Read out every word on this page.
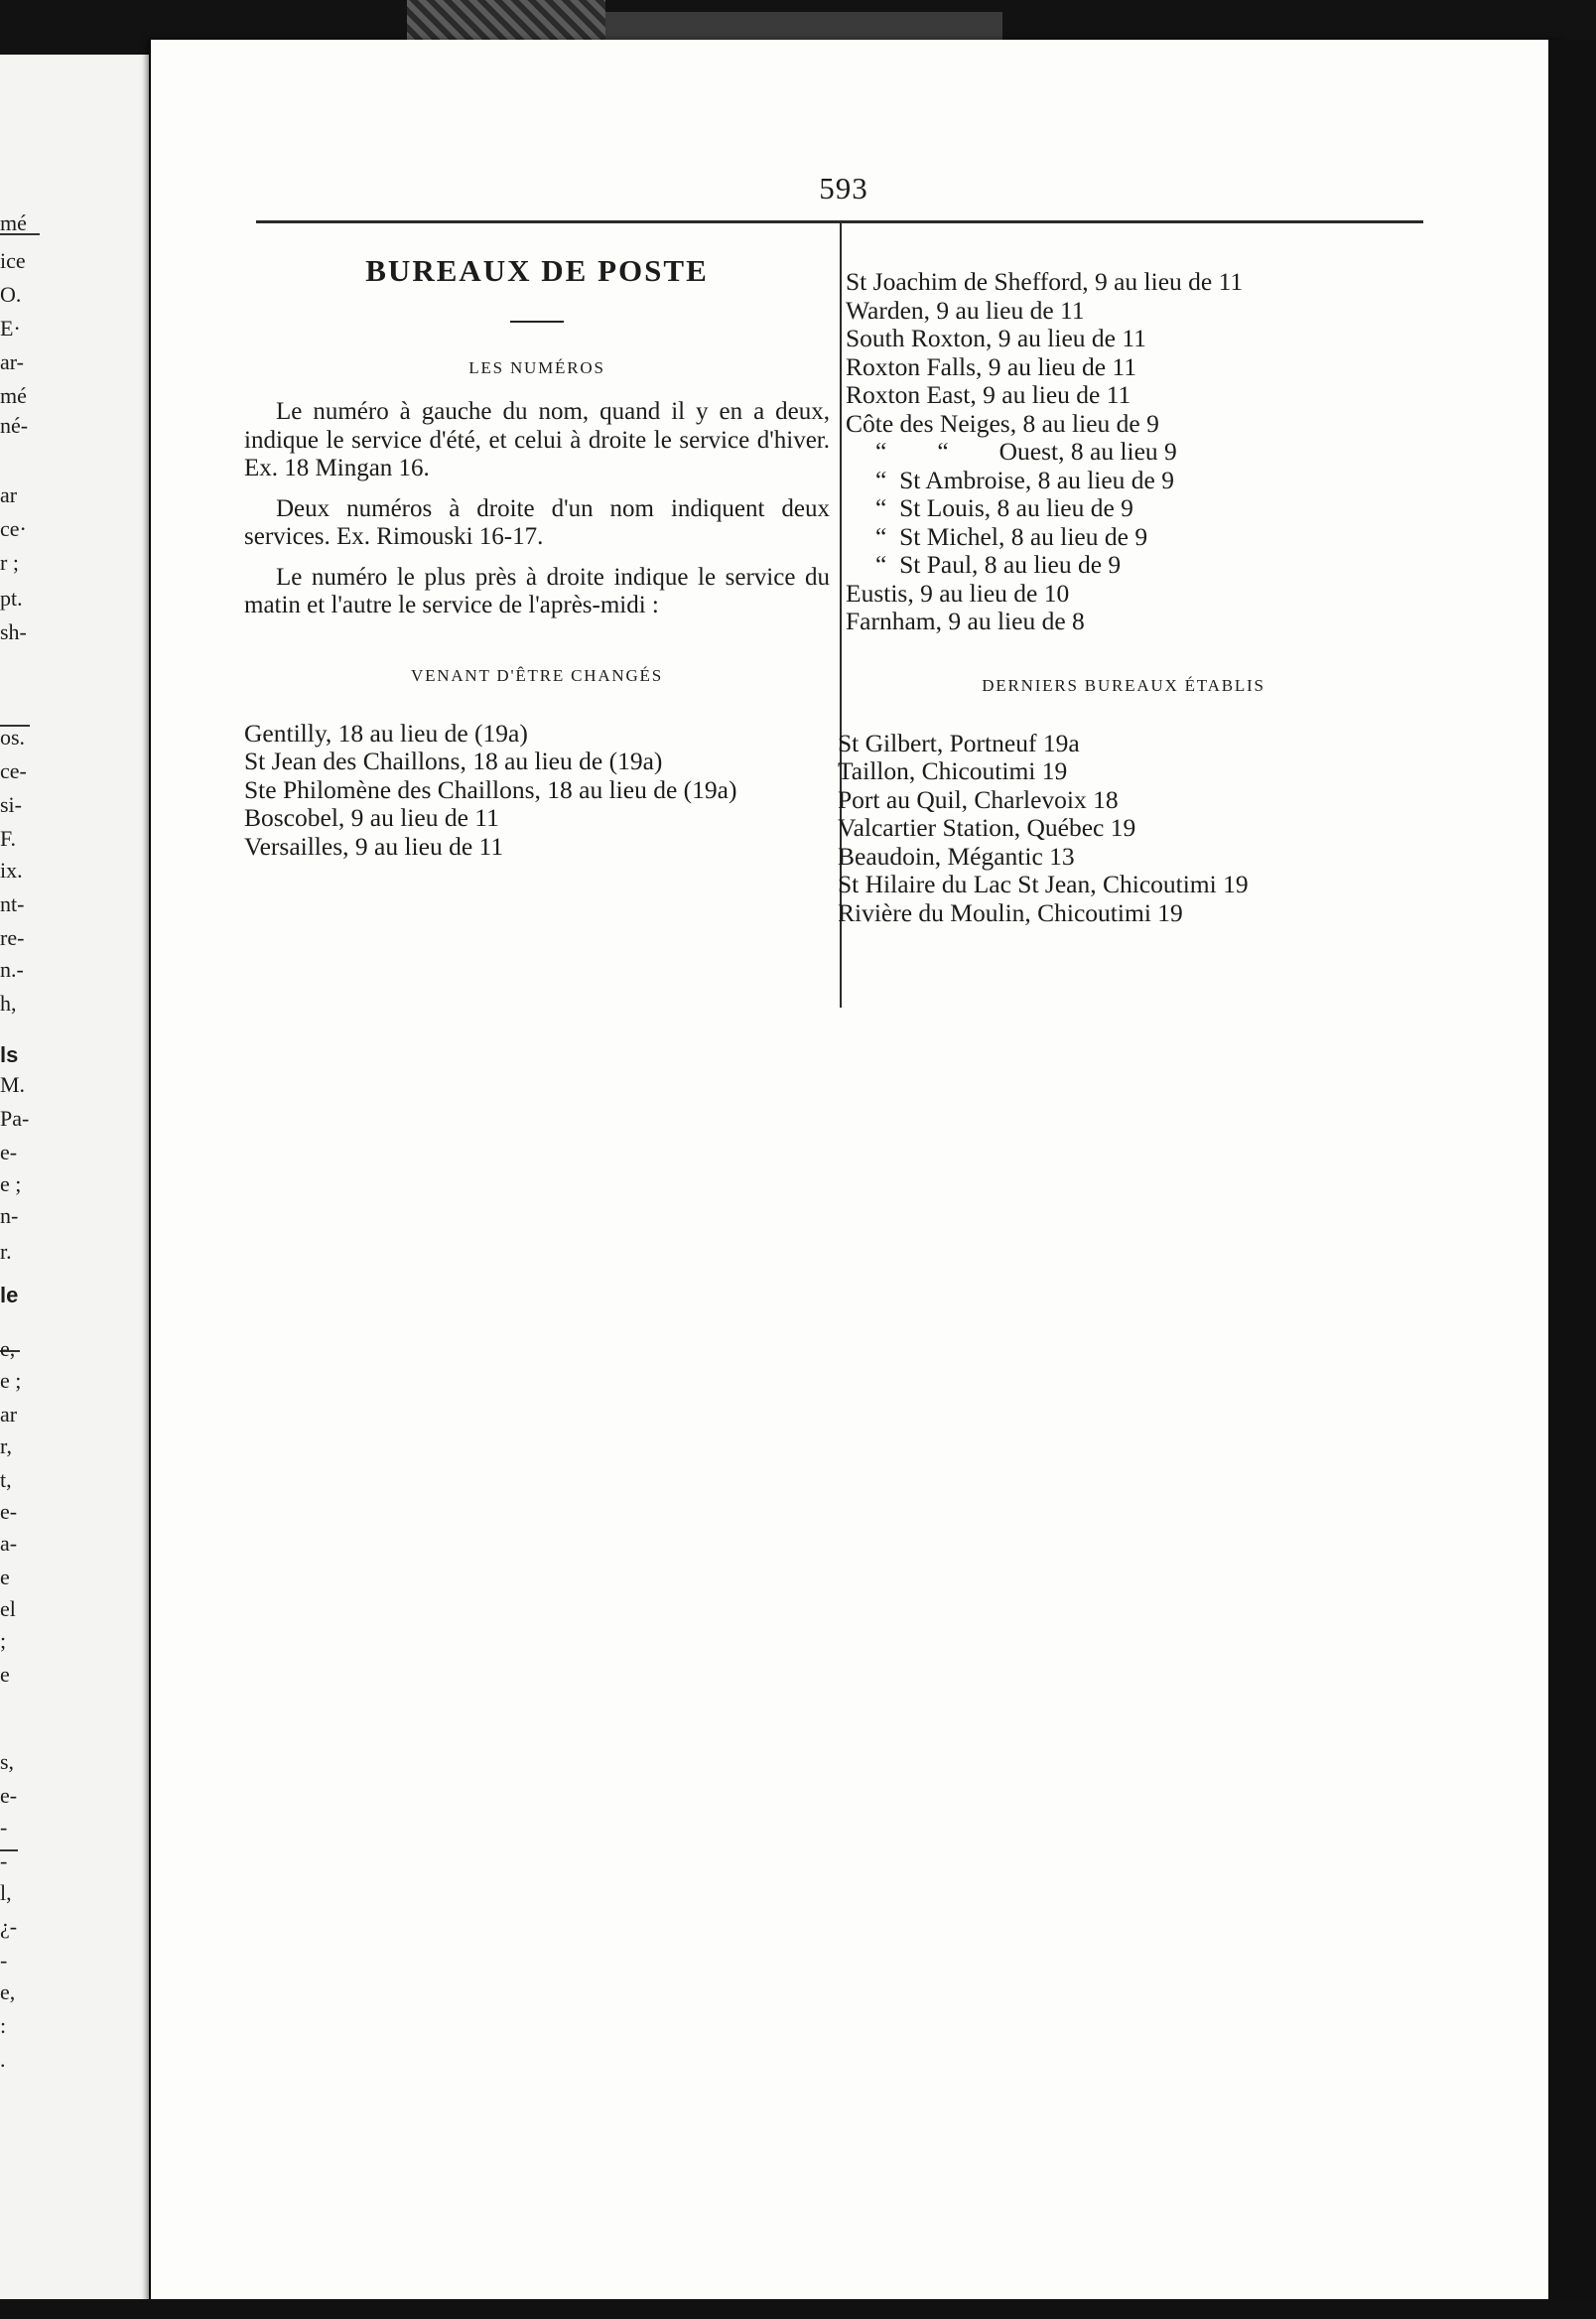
mé
ice
O.
E·
ar-
mé
né-
ar
ce·
r ;
pt.
sh-
os.
ce-
si-
F.
ix.
nt-
re-
n.-
h,
ls
M.
Pa-
e-
e ;
n-
r.
le
e,
e ;
ar
r,
t,
e-
a-
e
el
;
e
s,
e-
-
-
l,
¿-
-
e,
:
.
593
BUREAUX DE POSTE

LES NUMÉROS

Le numéro à gauche du nom, quand il y en a deux, indique le service d'été, et celui à droite le service d'hiver. Ex. 18 Mingan 16.

Deux numéros à droite d'un nom indiquent deux services. Ex. Rimouski 16-17.

Le numéro le plus près à droite indique le service du matin et l'autre le service de l'après-midi :

VENANT D'ÊTRE CHANGÉS

Gentilly, 18 au lieu de (19a)

St Jean des Chaillons, 18 au lieu de (19a)

Ste Philomène des Chaillons, 18 au lieu de (19a)

Boscobel, 9 au lieu de 11

Versailles, 9 au lieu de 11

St Joachim de Shefford, 9 au lieu de 11

Warden, 9 au lieu de 11

South Roxton, 9 au lieu de 11

Roxton Falls, 9 au lieu de 11

Roxton East, 9 au lieu de 11

Côte des Neiges, 8 au lieu de 9

“        “        Ouest, 8 au lieu 9

“  St Ambroise, 8 au lieu de 9

“  St Louis, 8 au lieu de 9

“  St Michel, 8 au lieu de 9

“  St Paul, 8 au lieu de 9

Eustis, 9 au lieu de 10

Farnham, 9 au lieu de 8

DERNIERS BUREAUX ÉTABLIS

St Gilbert, Portneuf 19a

Taillon, Chicoutimi 19

Port au Quil, Charlevoix 18

Valcartier Station, Québec 19

Beaudoin, Mégantic 13

St Hilaire du Lac St Jean, Chicoutimi 19

Rivière du Moulin, Chicoutimi 19
